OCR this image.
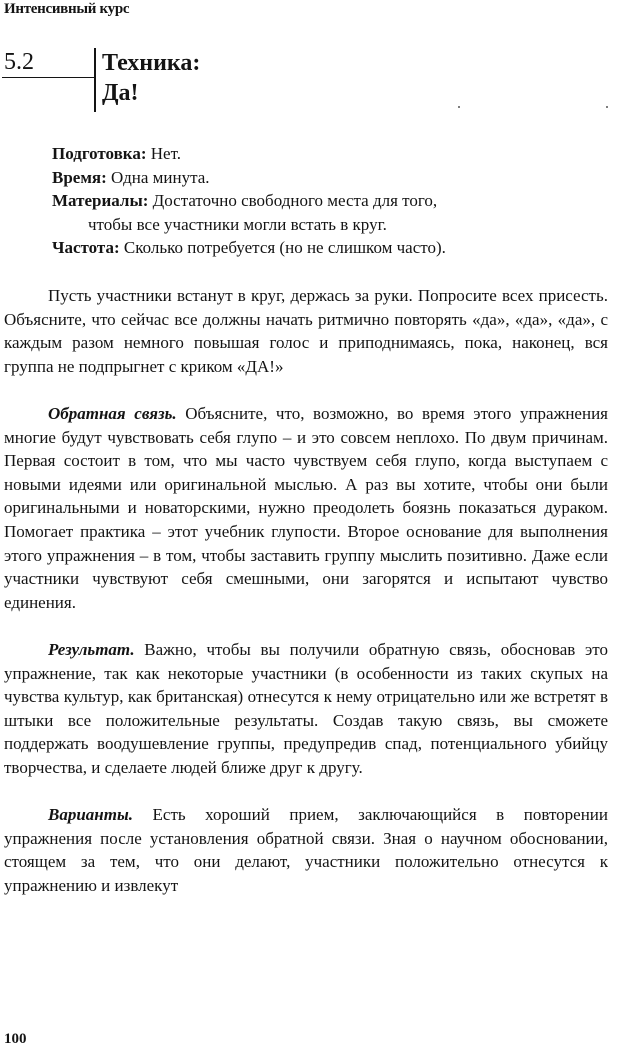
Интенсивный курс
5.2	Техника:
Да!
Подготовка: Нет.
Время: Одна минута.
Материалы: Достаточно свободного места для того,
чтобы все участники могли встать в круг.
Частота: Сколько потребуется (но не слишком часто).

Пусть участники встанут в круг, держась за руки. Попросите всех присесть. Объясните, что сейчас все должны начать ритмично повторять «да», «да», «да», с каждым разом немного повышая голос и приподнимаясь, пока, наконец, вся группа не подпрыгнет с криком «ДА!»

Обратная связь. Объясните, что, возможно, во время этого упражнения многие будут чувствовать себя глупо – и это совсем неплохо. По двум причинам. Первая состоит в том, что мы часто чувствуем себя глупо, когда выступаем с новыми идеями или оригинальной мыслью. А раз вы хотите, чтобы они были оригинальными и новаторскими, нужно преодолеть боязнь показаться дураком. Помогает практика – этот учебник глупости. Второе основание для выполнения этого упражнения – в том, чтобы заставить группу мыслить позитивно. Даже если участники чувствуют себя смешными, они загорятся и испытают чувство единения.

Результат. Важно, чтобы вы получили обратную связь, обосновав это упражнение, так как некоторые участники (в особенности из таких скупых на чувства культур, как британская) отнесутся к нему отрицательно или же встретят в штыки все положительные результаты. Создав такую связь, вы сможете поддержать воодушевление группы, предупредив спад, потенциального убийцу творчества, и сделаете людей ближе друг к другу.

Варианты. Есть хороший прием, заключающийся в повторении упражнения после установления обратной связи. Зная о научном обосновании, стоящем за тем, что они делают, участники положительно отнесутся к упражнению и извлекут

100
